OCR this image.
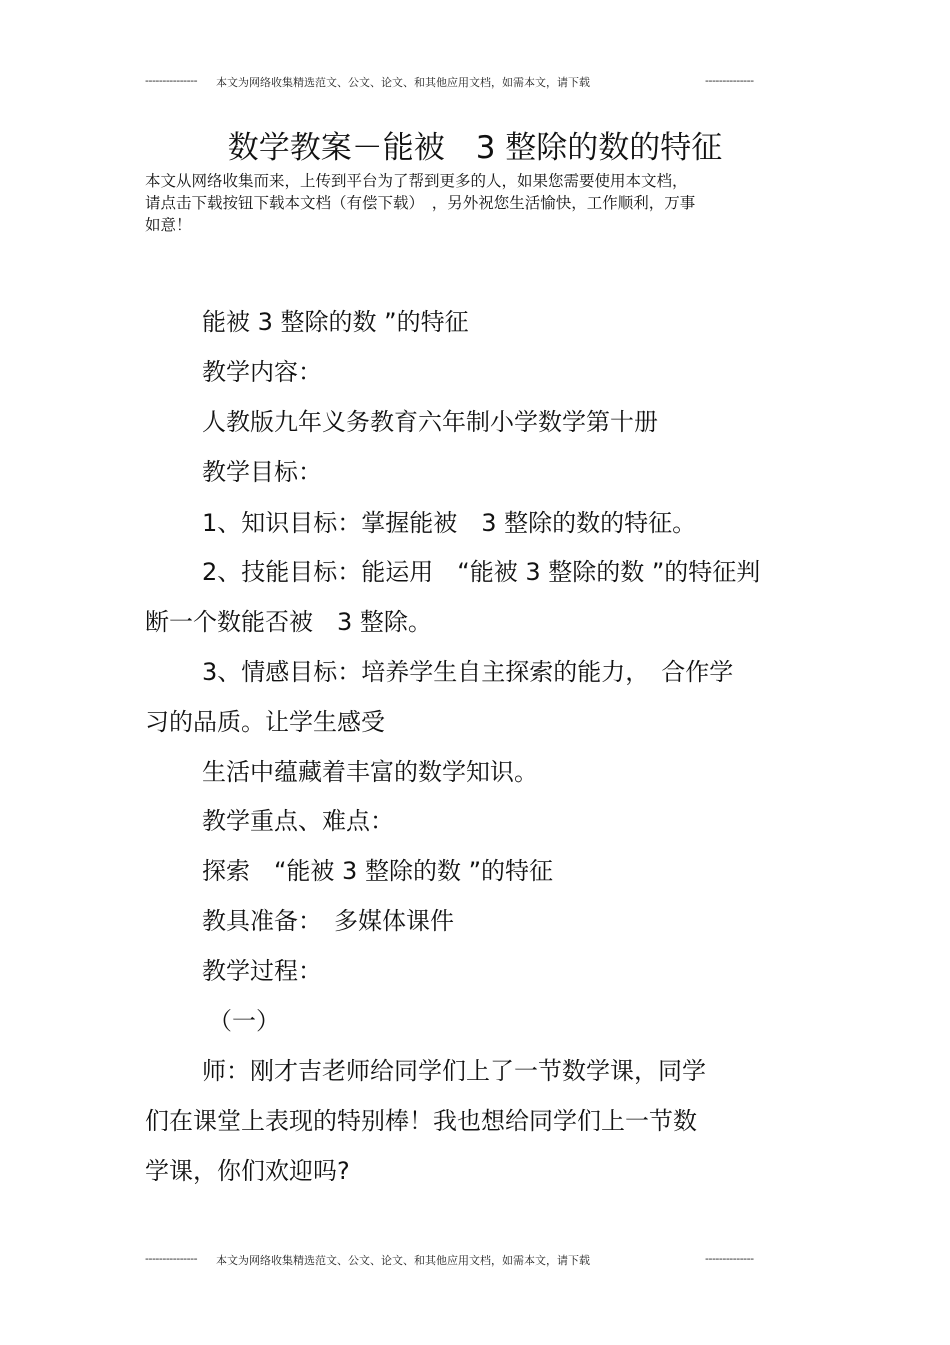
--------------- 本文为网络收集精选范文、公文、论文、和其他应用文档，如需本文，请下载	--------------
数学教案－能被　3 整除的数的特征
本文从网络收集而来，上传到平台为了帮到更多的人，如果您需要使用本文档，
请点击下载按钮下载本文档（有偿下载）　，另外祝您生活愉快，工作顺利，万事
如意！
能被 3 整除的数 ”的特征
教学内容：
人教版九年义务教育六年制小学数学第十册
教学目标：
1、知识目标：掌握能被　3 整除的数的特征。
2、技能目标：能运用　“能被 3 整除的数 ”的特征判
断一个数能否被　3 整除。
3、情感目标：培养学生自主探索的能力，　合作学
习的品质。让学生感受
生活中蕴藏着丰富的数学知识。
教学重点、难点：
探索　“能被 3 整除的数 ”的特征
教具准备：　多媒体课件
教学过程：
（一）
师：刚才吉老师给同学们上了一节数学课，同学
们在课堂上表现的特别棒！我也想给同学们上一节数
学课，你们欢迎吗?
--------------- 本文为网络收集精选范文、公文、论文、和其他应用文档，如需本文，请下载	--------------
